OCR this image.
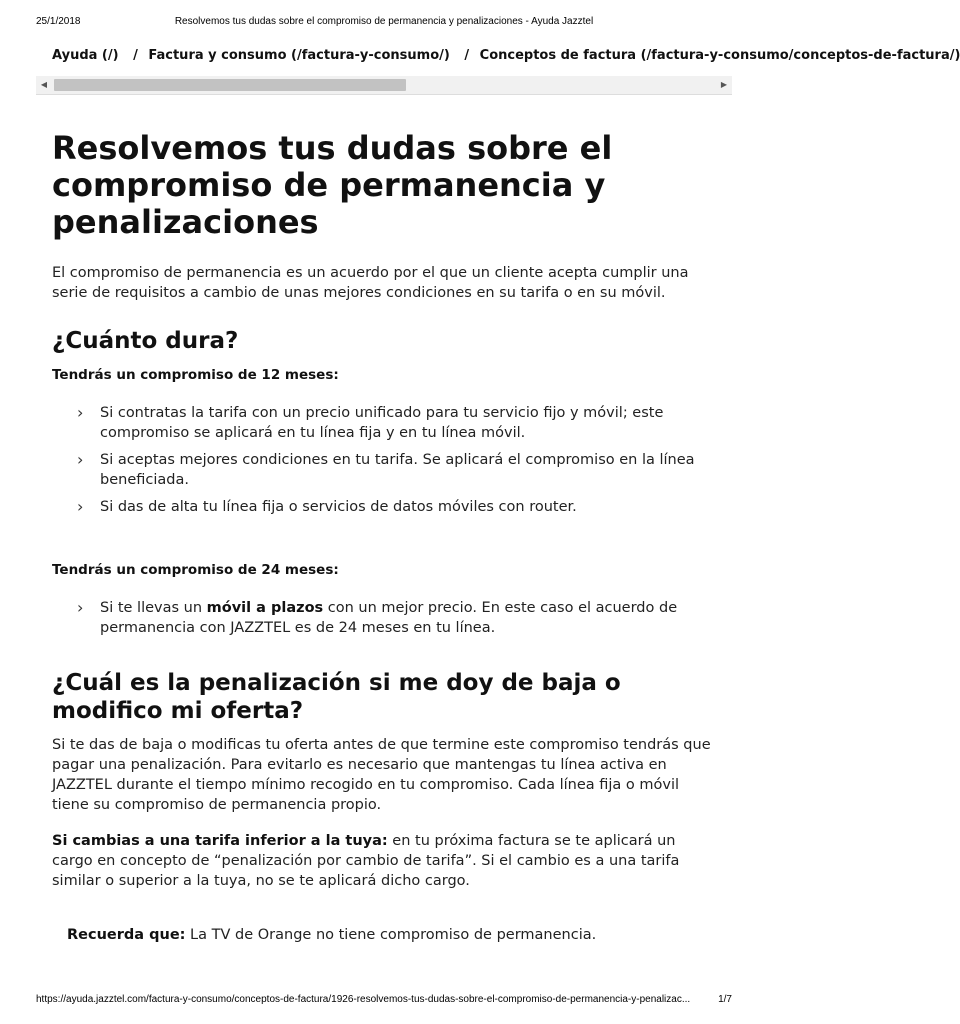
25/1/2018	Resolvemos tus dudas sobre el compromiso de permanencia y penalizaciones - Ayuda Jazztel
Ayuda (/) / Factura y consumo (/factura-y-consumo/) / Conceptos de factura (/factura-y-consumo/conceptos-de-factura/)
◀	▶
Resolvemos tus dudas sobre el compromiso de permanencia y penalizaciones

El compromiso de permanencia es un acuerdo por el que un cliente acepta cumplir una serie de requisitos a cambio de unas mejores condiciones en su tarifa o en su móvil.

¿Cuánto dura?

Tendrás un compromiso de 12 meses:

› Si contratas la tarifa con un precio unificado para tu servicio fijo y móvil; este compromiso se aplicará en tu línea fija y en tu línea móvil.
› Si aceptas mejores condiciones en tu tarifa. Se aplicará el compromiso en la línea beneficiada.
› Si das de alta tu línea fija o servicios de datos móviles con router.

Tendrás un compromiso de 24 meses:

› Si te llevas un móvil a plazos con un mejor precio. En este caso el acuerdo de permanencia con JAZZTEL es de 24 meses en tu línea.
¿Cuál es la penalización si me doy de baja o modifico mi oferta?

Si te das de baja o modificas tu oferta antes de que termine este compromiso tendrás que pagar una penalización. Para evitarlo es necesario que mantengas tu línea activa en JAZZTEL durante el tiempo mínimo recogido en tu compromiso. Cada línea fija o móvil tiene su compromiso de permanencia propio.

Si cambias a una tarifa inferior a la tuya: en tu próxima factura se te aplicará un cargo en concepto de “penalización por cambio de tarifa”. Si el cambio es a una tarifa similar o superior a la tuya, no se te aplicará dicho cargo.

Recuerda que: La TV de Orange no tiene compromiso de permanencia.

https://ayuda.jazztel.com/factura-y-consumo/conceptos-de-factura/1926-resolvemos-tus-dudas-sobre-el-compromiso-de-permanencia-y-penalizac...	1/7
